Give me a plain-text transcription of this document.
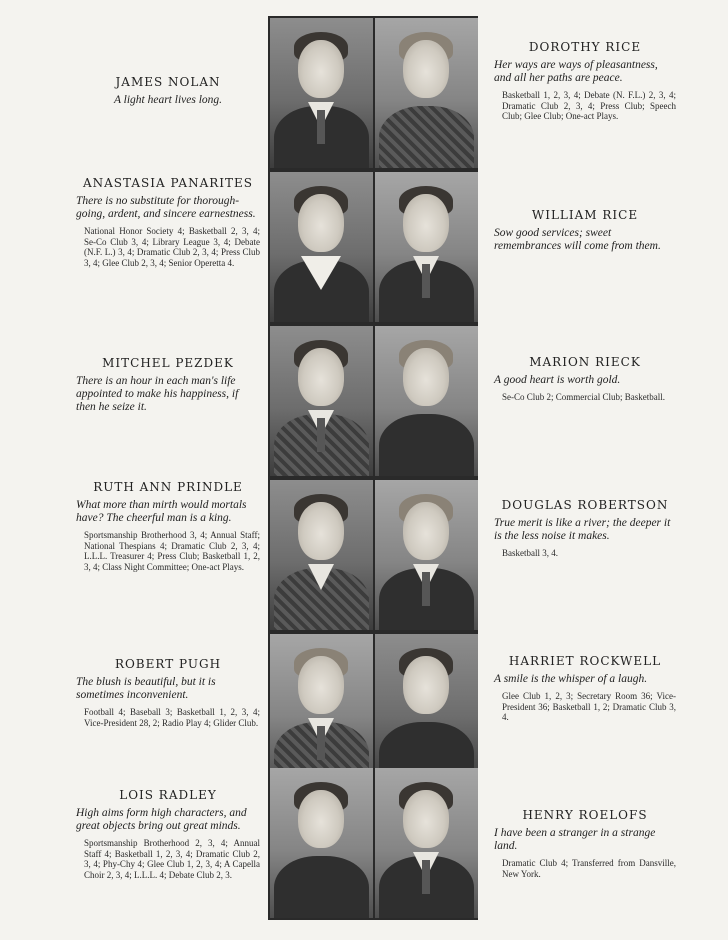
JAMES NOLAN
A light heart lives long.
ANASTASIA PANARITES
There is no substitute for thorough-going, ardent, and sincere earnestness.
National Honor Society 4; Basketball 2, 3, 4; Se-Co Club 3, 4; Library League 3, 4; Debate (N.F. L.) 3, 4; Dramatic Club 2, 3, 4; Press Club 3, 4; Glee Club 2, 3, 4; Senior Operetta 4.
MITCHEL PEZDEK
There is an hour in each man's life appointed to make his happiness, if then he seize it.
RUTH ANN PRINDLE
What more than mirth would mortals have? The cheerful man is a king.
Sportsmanship Brotherhood 3, 4; Annual Staff; National Thespians 4; Dramatic Club 2, 3, 4; L.L.L. Treasurer 4; Press Club; Basketball 1, 2, 3, 4; Class Night Committee; One-act Plays.
ROBERT PUGH
The blush is beautiful, but it is sometimes inconvenient.
Football 4; Baseball 3; Basketball 1, 2, 3, 4; Vice-President 28, 2; Radio Play 4; Glider Club.
LOIS RADLEY
High aims form high characters, and great objects bring out great minds.
Sportsmanship Brotherhood 2, 3, 4; Annual Staff 4; Basketball 1, 2, 3, 4; Dramatic Club 2, 3, 4; Phy-Chy 4; Glee Club 1, 2, 3, 4; A Capella Choir 2, 3, 4; L.L.L. 4; Debate Club 2, 3.
DOROTHY RICE
Her ways are ways of pleasantness, and all her paths are peace.
Basketball 1, 2, 3, 4; Debate (N. F.L.) 2, 3, 4; Dramatic Club 2, 3, 4; Press Club; Speech Club; Glee Club; One-act Plays.
WILLIAM RICE
Sow good services; sweet remembrances will come from them.
MARION RIECK
A good heart is worth gold.
Se-Co Club 2; Commercial Club; Basketball.
DOUGLAS ROBERTSON
True merit is like a river; the deeper it is the less noise it makes.
Basketball 3, 4.
HARRIET ROCKWELL
A smile is the whisper of a laugh.
Glee Club 1, 2, 3; Secretary Room 36; Vice-President 36; Basketball 1, 2; Dramatic Club 3, 4.
HENRY ROELOFS
I have been a stranger in a strange land.
Dramatic Club 4; Transferred from Dansville, New York.
